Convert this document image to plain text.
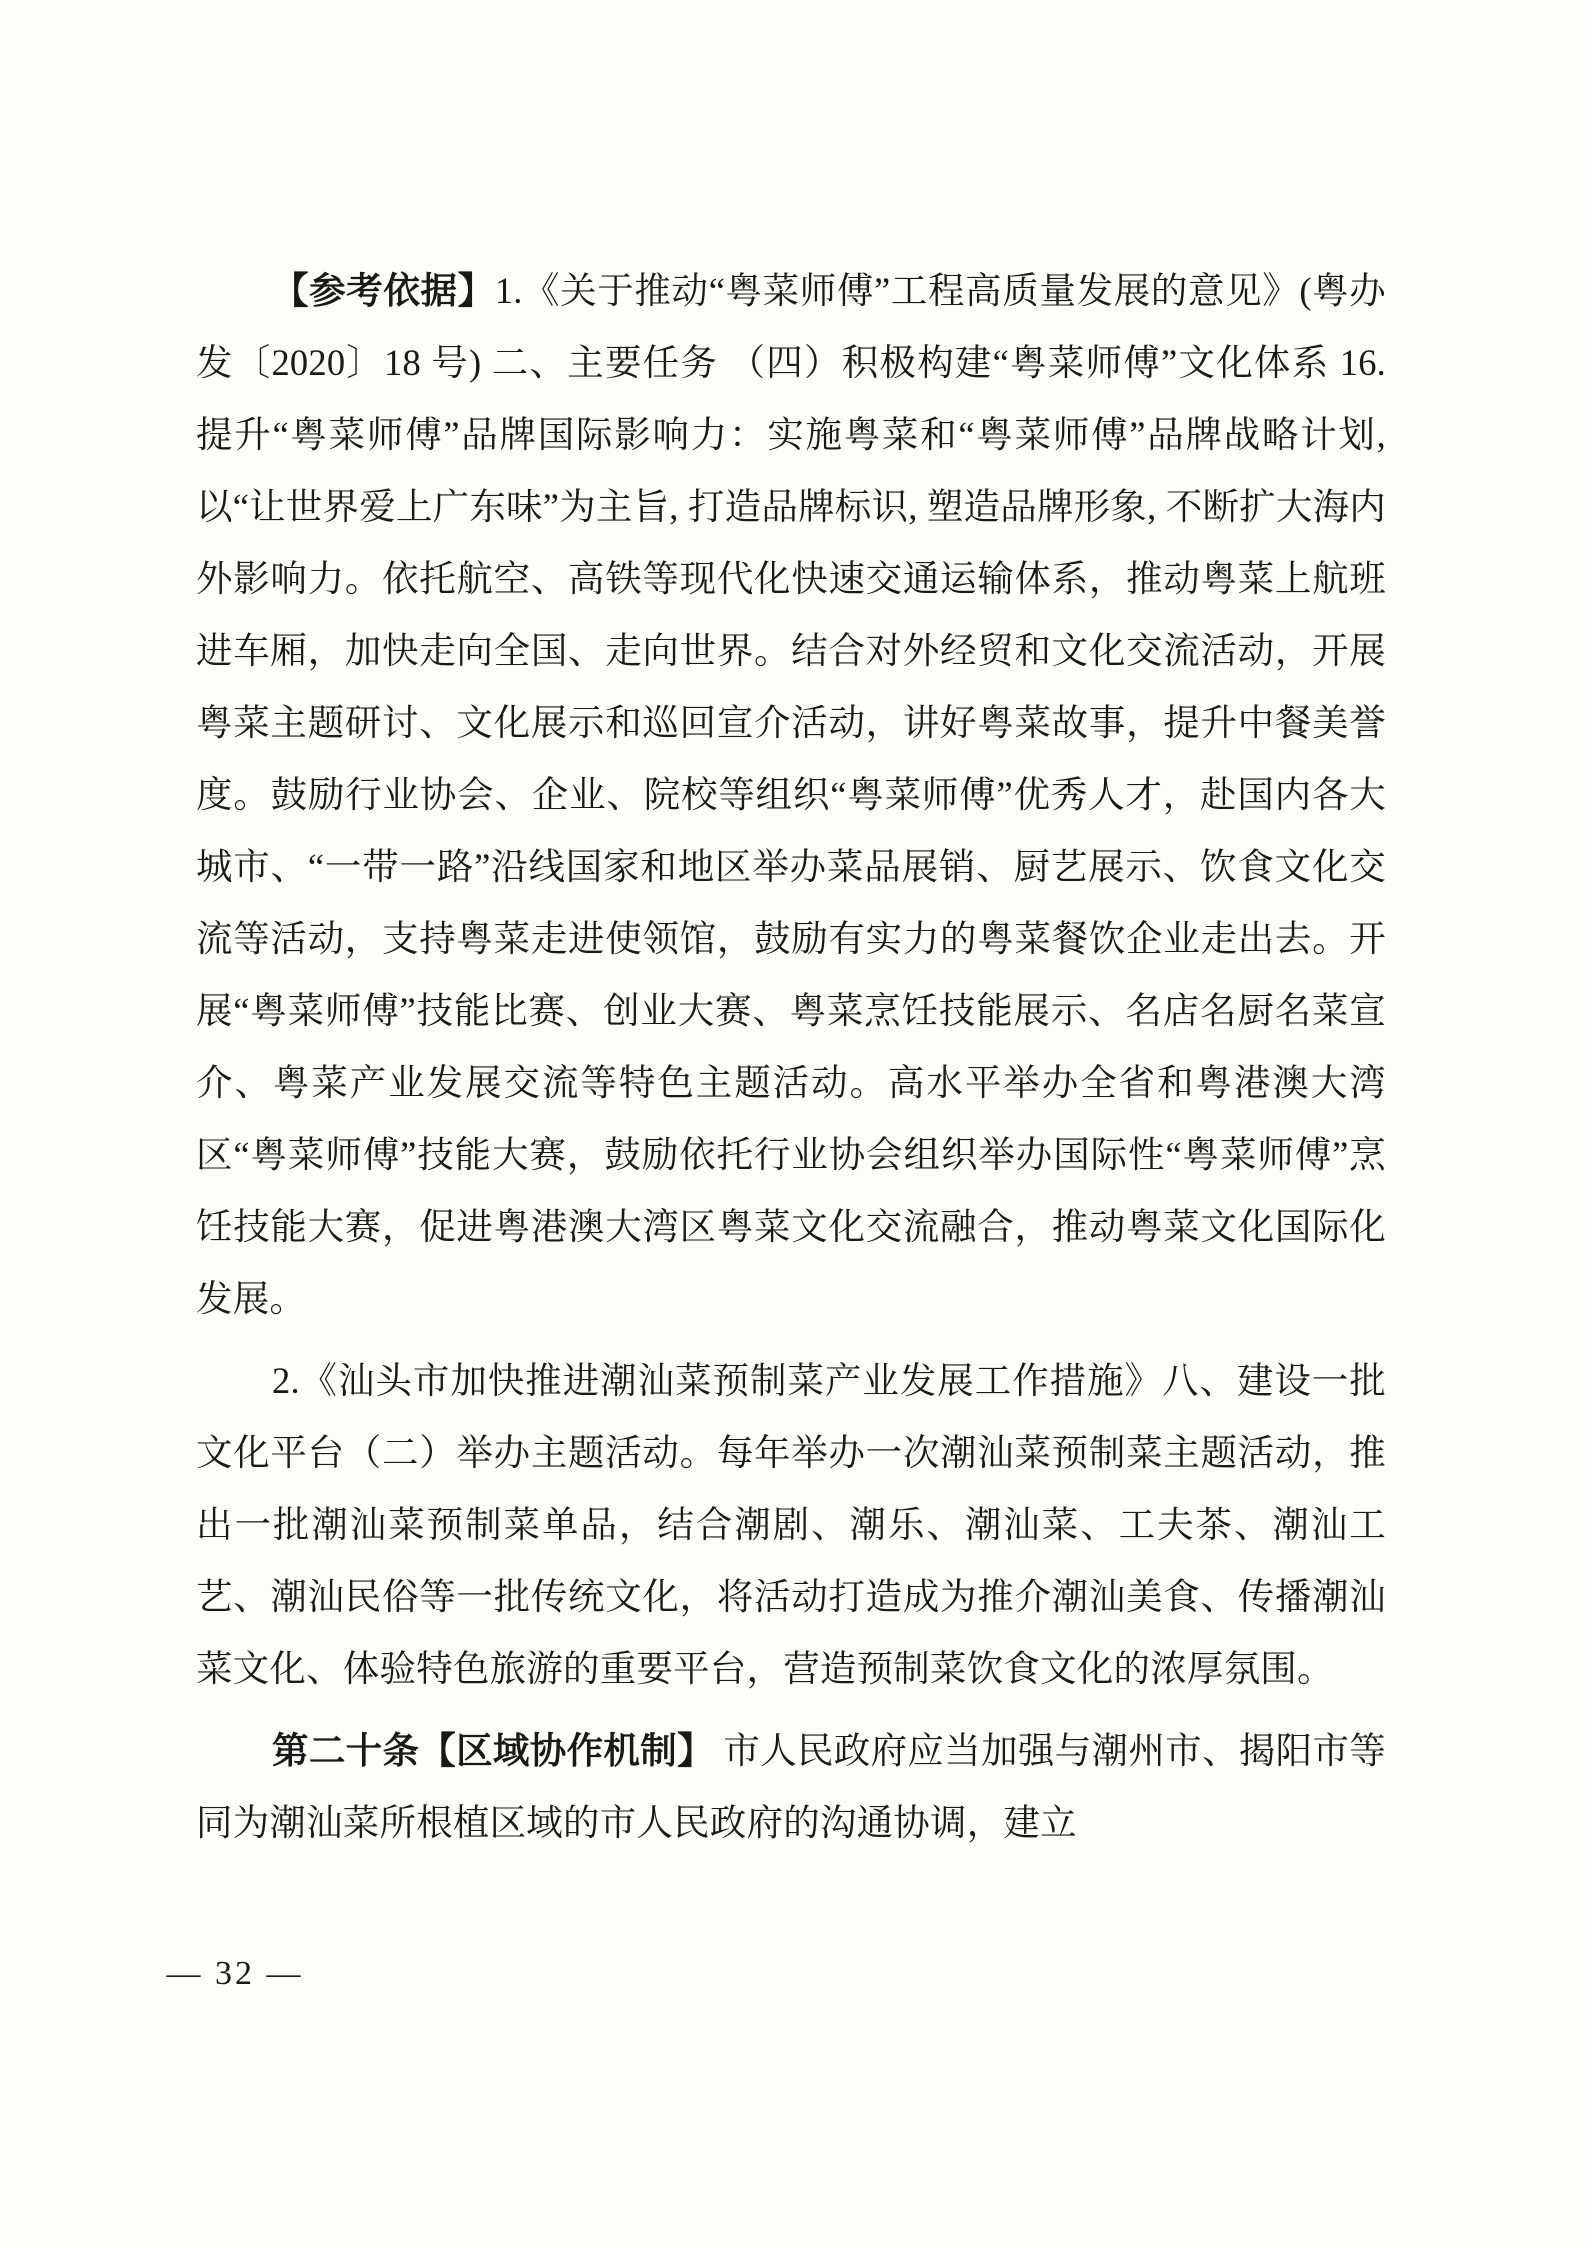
【参考依据】1.《关于推动“粤菜师傅”工程高质量发展的意见》(粤办发〔2020〕18 号) 二、主要任务 （四）积极构建“粤菜师傅”文化体系 16.提升“粤菜师傅”品牌国际影响力：实施粤菜和“粤菜师傅”品牌战略计划, 以“让世界爱上广东味”为主旨, 打造品牌标识, 塑造品牌形象, 不断扩大海内外影响力。依托航空、高铁等现代化快速交通运输体系，推动粤菜上航班进车厢，加快走向全国、走向世界。结合对外经贸和文化交流活动，开展粤菜主题研讨、文化展示和巡回宣介活动，讲好粤菜故事，提升中餐美誉度。鼓励行业协会、企业、院校等组织“粤菜师傅”优秀人才，赴国内各大城市、“一带一路”沿线国家和地区举办菜品展销、厨艺展示、饮食文化交流等活动，支持粤菜走进使领馆，鼓励有实力的粤菜餐饮企业走出去。开展“粤菜师傅”技能比赛、创业大赛、粤菜烹饪技能展示、名店名厨名菜宣介、粤菜产业发展交流等特色主题活动。高水平举办全省和粤港澳大湾区“粤菜师傅”技能大赛，鼓励依托行业协会组织举办国际性“粤菜师傅”烹饪技能大赛，促进粤港澳大湾区粤菜文化交流融合，推动粤菜文化国际化发展。

2.《汕头市加快推进潮汕菜预制菜产业发展工作措施》八、建设一批文化平台（二）举办主题活动。每年举办一次潮汕菜预制菜主题活动，推出一批潮汕菜预制菜单品，结合潮剧、潮乐、潮汕菜、工夫茶、潮汕工艺、潮汕民俗等一批传统文化，将活动打造成为推介潮汕美食、传播潮汕菜文化、体验特色旅游的重要平台，营造预制菜饮食文化的浓厚氛围。

第二十条【区域协作机制】 市人民政府应当加强与潮州市、揭阳市等同为潮汕菜所根植区域的市人民政府的沟通协调，建立

— 32 —
